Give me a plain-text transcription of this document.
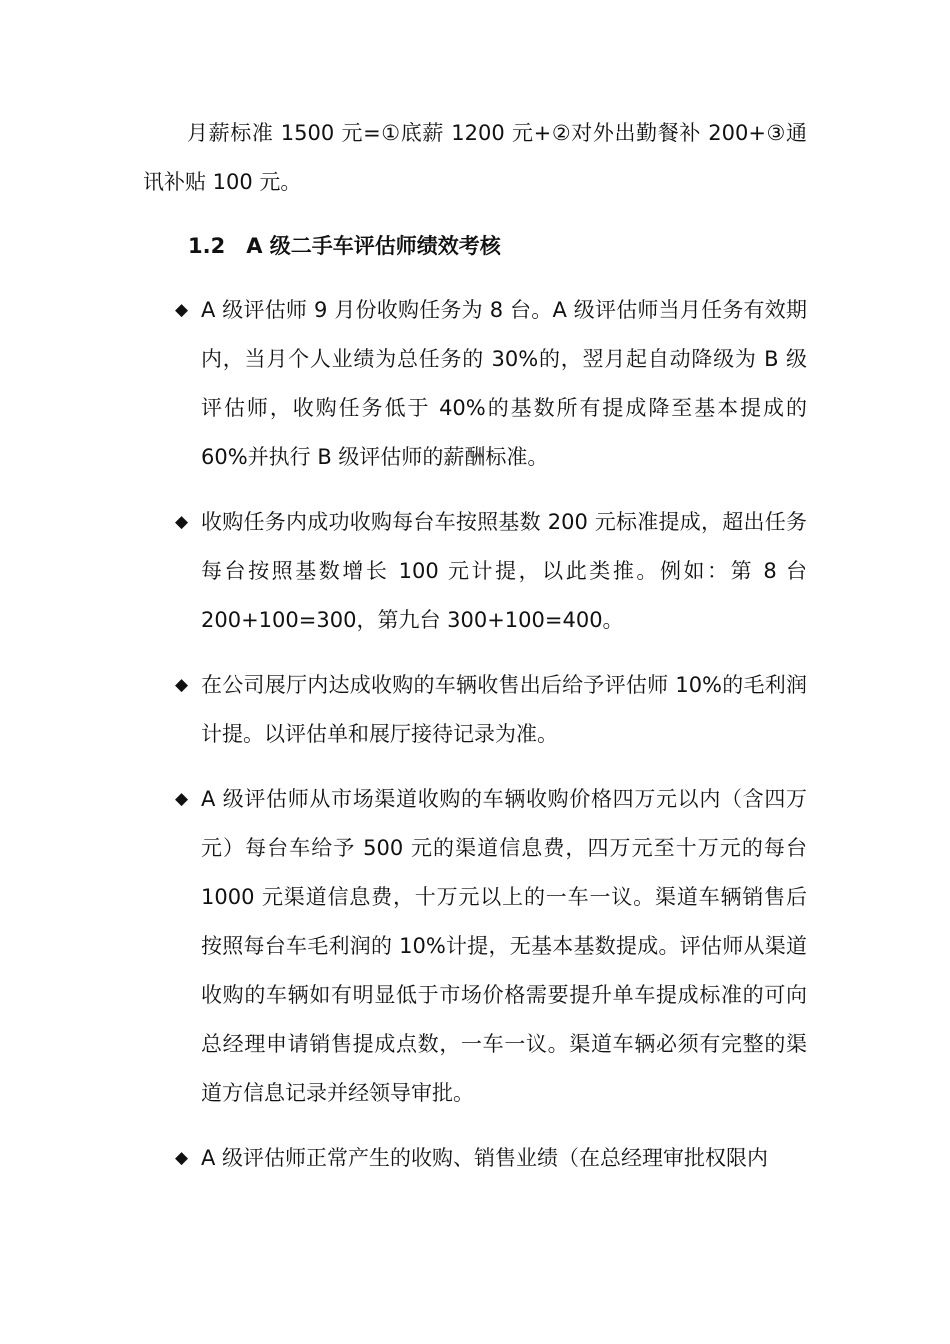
月薪标准 1500 元=①底薪 1200 元+②对外出勤餐补 200+③通讯补贴 100 元。
1.2　A 级二手车评估师绩效考核
◆ A 级评估师 9 月份收购任务为 8 台。A 级评估师当月任务有效期内，当月个人业绩为总任务的 30%的，翌月起自动降级为 B 级评估师，收购任务低于 40%的基数所有提成降至基本提成的 60%并执行 B 级评估师的薪酬标准。
◆ 收购任务内成功收购每台车按照基数 200 元标准提成，超出任务每台按照基数增长 100 元计提，以此类推。例如：第 8 台 200+100=300，第九台 300+100=400。
◆ 在公司展厅内达成收购的车辆收售出后给予评估师 10%的毛利润计提。以评估单和展厅接待记录为准。
◆ A 级评估师从市场渠道收购的车辆收购价格四万元以内（含四万元）每台车给予 500 元的渠道信息费，四万元至十万元的每台 1000 元渠道信息费，十万元以上的一车一议。渠道车辆销售后按照每台车毛利润的 10%计提，无基本基数提成。评估师从渠道收购的车辆如有明显低于市场价格需要提升单车提成标准的可向总经理申请销售提成点数，一车一议。渠道车辆必须有完整的渠道方信息记录并经领导审批。
◆ A 级评估师正常产生的收购、销售业绩（在总经理审批权限内
